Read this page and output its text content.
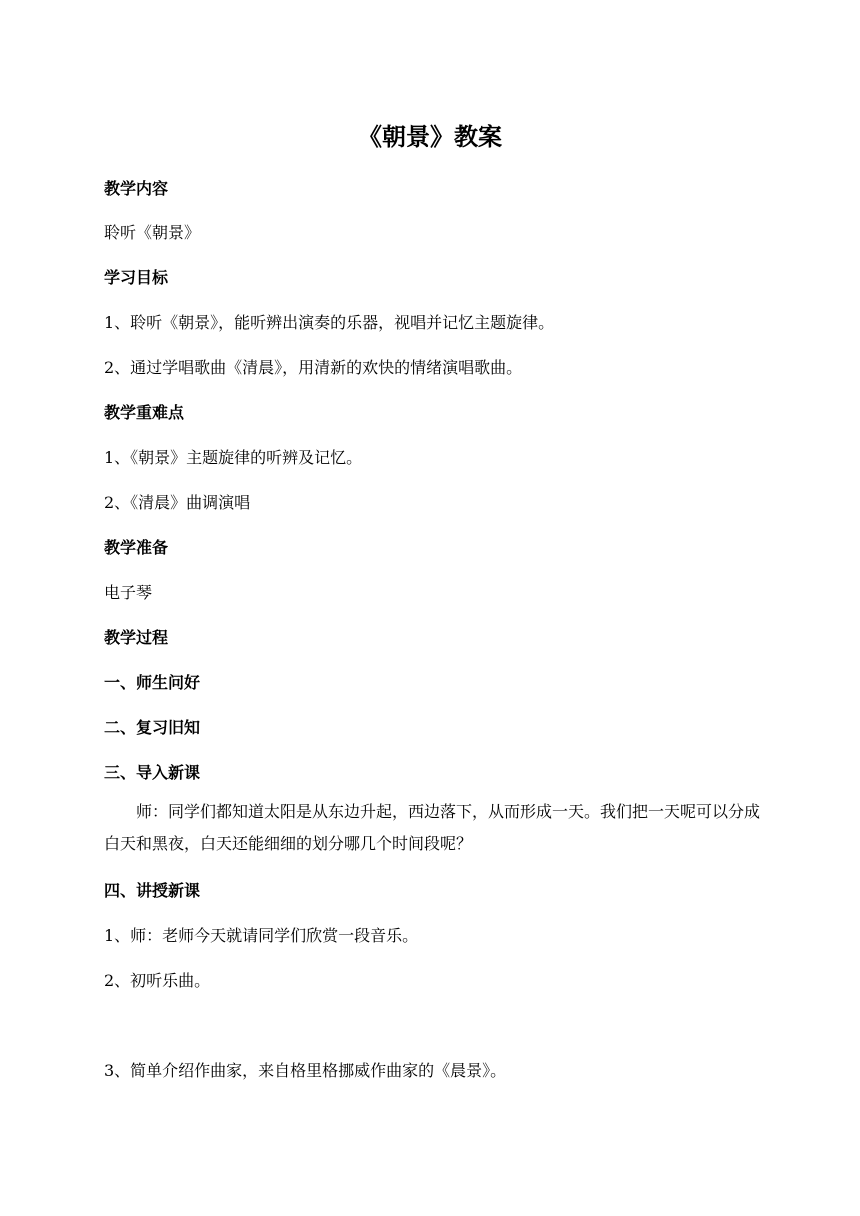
《朝景》教案

教学内容

聆听《朝景》

学习目标

1、聆听《朝景》，能听辨出演奏的乐器，视唱并记忆主题旋律。

2、通过学唱歌曲《清晨》，用清新的欢快的情绪演唱歌曲。

教学重难点

1、《朝景》主题旋律的听辨及记忆。

2、《清晨》曲调演唱

教学准备

电子琴

教学过程

一、师生问好

二、复习旧知

三、导入新课

师：同学们都知道太阳是从东边升起，西边落下，从而形成一天。我们把一天呢可以分成白天和黑夜，白天还能细细的划分哪几个时间段呢？

四、讲授新课

1、师：老师今天就请同学们欣赏一段音乐。

2、初听乐曲。

3、简单介绍作曲家，来自格里格挪威作曲家的《晨景》。
